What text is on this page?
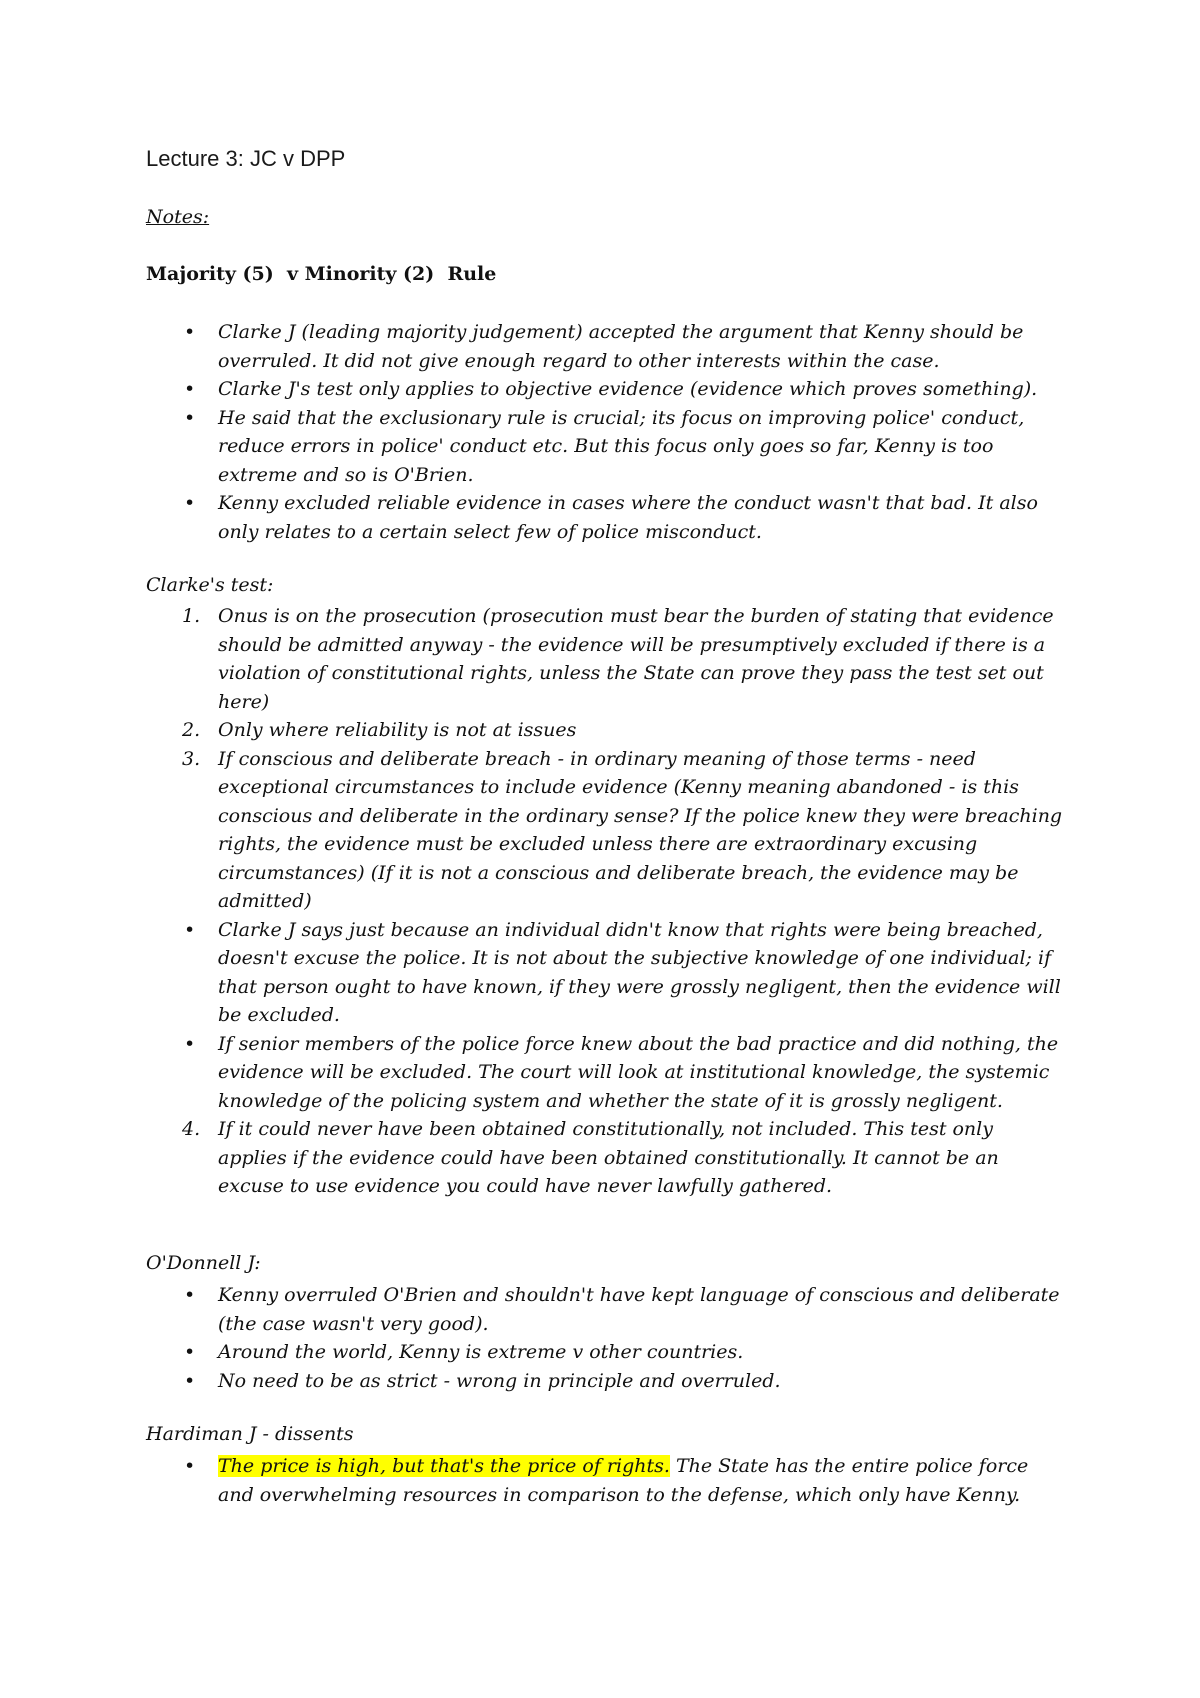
Lecture 3: JC v DPP
Notes:
Majority (5)  v Minority (2)  Rule
• Clarke J (leading majority judgement) accepted the argument that Kenny should be overruled. It did not give enough regard to other interests within the case.
• Clarke J's test only applies to objective evidence (evidence which proves something).
• He said that the exclusionary rule is crucial; its focus on improving police' conduct, reduce errors in police' conduct etc. But this focus only goes so far, Kenny is too extreme and so is O'Brien.
• Kenny excluded reliable evidence in cases where the conduct wasn't that bad. It also only relates to a certain select few of police misconduct.
Clarke's test:
1. Onus is on the prosecution (prosecution must bear the burden of stating that evidence should be admitted anyway - the evidence will be presumptively excluded if there is a violation of constitutional rights, unless the State can prove they pass the test set out here)
2. Only where reliability is not at issues
3. If conscious and deliberate breach - in ordinary meaning of those terms - need exceptional circumstances to include evidence (Kenny meaning abandoned - is this conscious and deliberate in the ordinary sense? If the police knew they were breaching rights, the evidence must be excluded unless there are extraordinary excusing circumstances) (If it is not a conscious and deliberate breach, the evidence may be admitted)
• Clarke J says just because an individual didn't know that rights were being breached, doesn't excuse the police. It is not about the subjective knowledge of one individual; if that person ought to have known, if they were grossly negligent, then the evidence will be excluded.
• If senior members of the police force knew about the bad practice and did nothing, the evidence will be excluded. The court will look at institutional knowledge, the systemic knowledge of the policing system and whether the state of it is grossly negligent.
4. If it could never have been obtained constitutionally, not included. This test only applies if the evidence could have been obtained constitutionally. It cannot be an excuse to use evidence you could have never lawfully gathered.
O'Donnell J:
• Kenny overruled O'Brien and shouldn't have kept language of conscious and deliberate (the case wasn't very good).
• Around the world, Kenny is extreme v other countries.
• No need to be as strict - wrong in principle and overruled.
Hardiman J - dissents
• The price is high, but that's the price of rights. The State has the entire police force and overwhelming resources in comparison to the defense, which only have Kenny.
